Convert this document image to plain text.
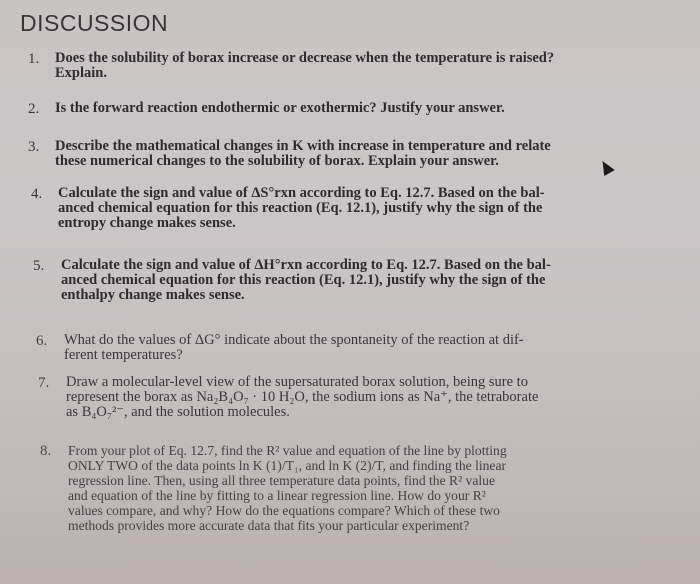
DISCUSSION
1. Does the solubility of borax increase or decrease when the temperature is raised?
Explain.
2. Is the forward reaction endothermic or exothermic? Justify your answer.
3. Describe the mathematical changes in K with increase in temperature and relate
these numerical changes to the solubility of borax. Explain your answer.
4. Calculate the sign and value of ΔS°rxn according to Eq. 12.7. Based on the bal-
anced chemical equation for this reaction (Eq. 12.1), justify why the sign of the
entropy change makes sense.
5. Calculate the sign and value of ΔH°rxn according to Eq. 12.7. Based on the bal-
anced chemical equation for this reaction (Eq. 12.1), justify why the sign of the
enthalpy change makes sense.
6. What do the values of ΔG° indicate about the spontaneity of the reaction at dif-
ferent temperatures?
7. Draw a molecular-level view of the supersaturated borax solution, being sure to
represent the borax as Na₂B₄O₇ · 10 H₂O, the sodium ions as Na⁺, the tetraborate
as B₄O₇²⁻, and the solution molecules.
8. From your plot of Eq. 12.7, find the R² value and equation of the line by plotting
ONLY TWO of the data points ln K (1)/T₁, and ln K (2)/T, and finding the linear
regression line. Then, using all three temperature data points, find the R² value
and equation of the line by fitting to a linear regression line. How do your R²
values compare, and why? How do the equations compare? Which of these two
methods provides more accurate data that fits your particular experiment?
